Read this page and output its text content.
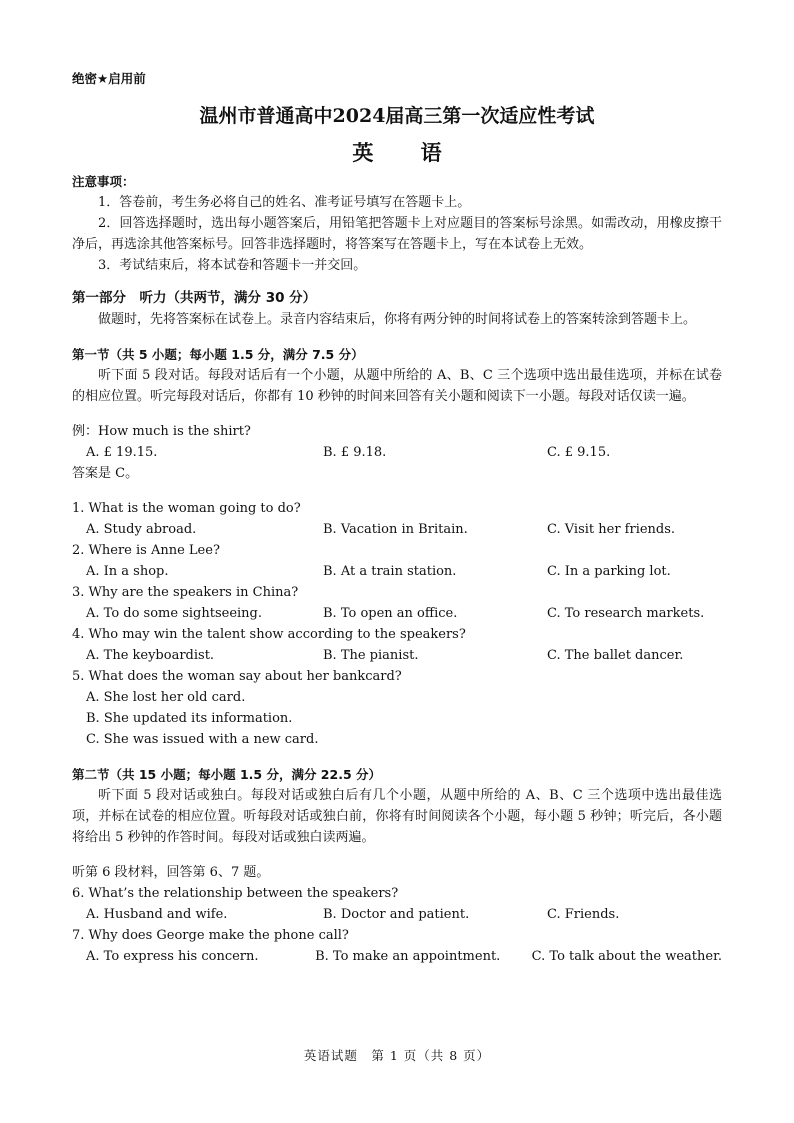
绝密★启用前
温州市普通高中2024届高三第一次适应性考试
英 语
注意事项：

1．答卷前，考生务必将自己的姓名、准考证号填写在答题卡上。

2．回答选择题时，选出每小题答案后，用铅笔把答题卡上对应题目的答案标号涂黑。如需改动，用橡皮擦干净后，再选涂其他答案标号。回答非选择题时，将答案写在答题卡上，写在本试卷上无效。

3．考试结束后，将本试卷和答题卡一并交回。

第一部分　听力（共两节，满分 30 分）

做题时，先将答案标在试卷上。录音内容结束后，你将有两分钟的时间将试卷上的答案转涂到答题卡上。

第一节（共 5 小题；每小题 1.5 分，满分 7.5 分）

听下面 5 段对话。每段对话后有一个小题，从题中所给的 A、B、C 三个选项中选出最佳选项，并标在试卷的相应位置。听完每段对话后，你都有 10 秒钟的时间来回答有关小题和阅读下一小题。每段对话仅读一遍。

例：How much is the shirt?

A. £ 19.15.	B. £ 9.18.	C. £ 9.15.

答案是 C。

1. What is the woman going to do?

A. Study abroad.	B. Vacation in Britain.	C. Visit her friends.

2. Where is Anne Lee?

A. In a shop.	B. At a train station.	C. In a parking lot.

3. Why are the speakers in China?

A. To do some sightseeing.	B. To open an office.	C. To research markets.

4. Who may win the talent show according to the speakers?

A. The keyboardist.	B. The pianist.	C. The ballet dancer.

5. What does the woman say about her bankcard?

A. She lost her old card.
B. She updated its information.
C. She was issued with a new card.
第二节（共 15 小题；每小题 1.5 分，满分 22.5 分）

听下面 5 段对话或独白。每段对话或独白后有几个小题，从题中所给的 A、B、C 三个选项中选出最佳选项，并标在试卷的相应位置。听每段对话或独白前，你将有时间阅读各个小题，每小题 5 秒钟；听完后，各小题将给出 5 秒钟的作答时间。每段对话或独白读两遍。

听第 6 段材料，回答第 6、7 题。

6. What’s the relationship between the speakers?

A. Husband and wife.	B. Doctor and patient.	C. Friends.

7. Why does George make the phone call?

A. To express his concern.	B. To make an appointment.	C. To talk about the weather.
英语试题　第 1 页（共 8 页）
